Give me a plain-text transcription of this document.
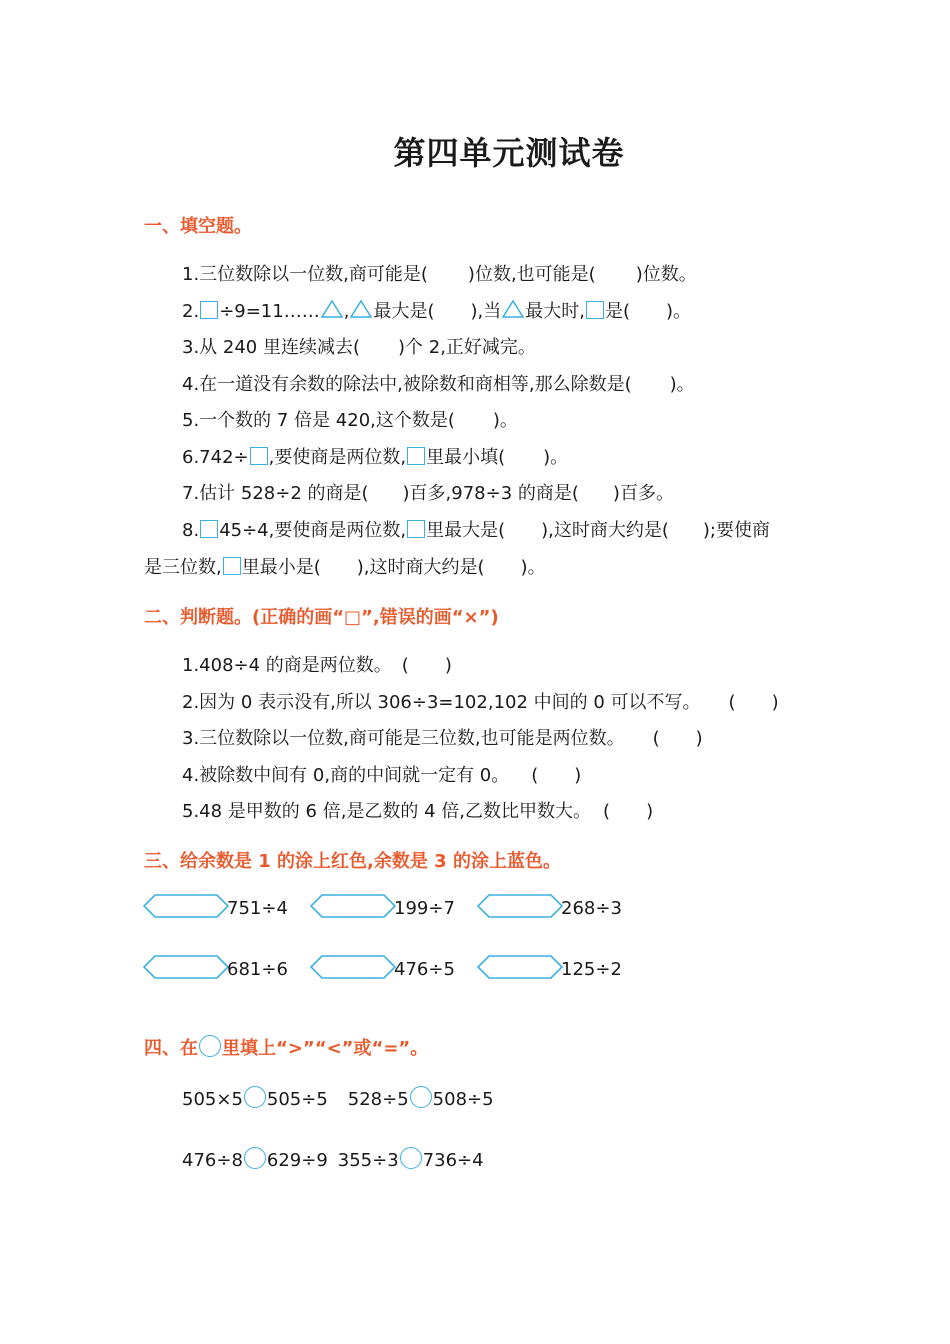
第四单元测试卷
一、填空题。
1.三位数除以一位数,商可能是( )位数,也可能是( )位数。
2. ÷9=11…… , 最大是( ),当 最大时, 是( )。
3.从 240 里连续减去( )个 2,正好减完。
4.在一道没有余数的除法中,被除数和商相等,那么除数是( )。
5.一个数的 7 倍是 420,这个数是( )。
6.742÷ ,要使商是两位数, 里最小填( )。
7.估计 528÷2 的商是( )百多,978÷3 的商是( )百多。
8. 45÷4,要使商是两位数, 里最大是( ),这时商大约是( );要使商
是三位数, 里最小是( ),这时商大约是( )。
二、判断题。(正确的画“□”,错误的画“×”)
1.408÷4 的商是两位数。 (　　)
2.因为 0 表示没有,所以 306÷3=102,102 中间的 0 可以不写。 (　　)
3.三位数除以一位数,商可能是三位数,也可能是两位数。 (　　)
4.被除数中间有 0,商的中间就一定有 0。 (　　)
5.48 是甲数的 6 倍,是乙数的 4 倍,乙数比甲数大。 (　　)
三、给余数是 1 的涂上红色,余数是 3 的涂上蓝色。
751÷4	199÷7	268÷3
681÷6	476÷5	125÷2
四、在 里填上“>”“<”或“=”。
505×5 505÷5 528÷5 508÷5
476÷8 629÷9 355÷3 736÷4
